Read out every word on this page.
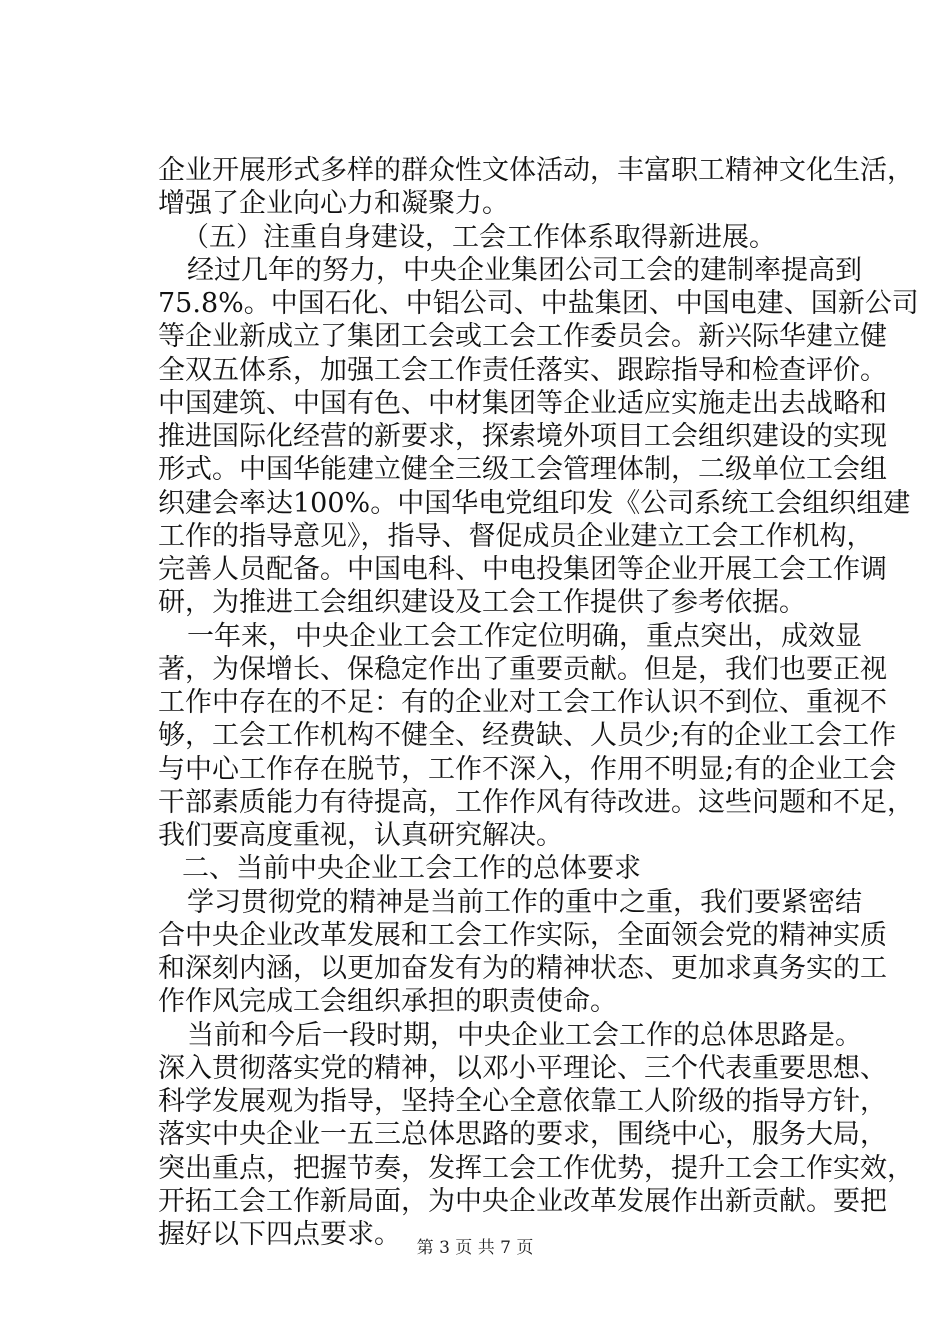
企业开展形式多样的群众性文体活动，丰富职工精神文化生活，
增强了企业向心力和凝聚力。
（五）注重自身建设，工会工作体系取得新进展。
经过几年的努力，中央企业集团公司工会的建制率提高到
75.8%。中国石化、中铝公司、中盐集团、中国电建、国新公司
等企业新成立了集团工会或工会工作委员会。新兴际华建立健
全双五体系，加强工会工作责任落实、跟踪指导和检查评价。
中国建筑、中国有色、中材集团等企业适应实施走出去战略和
推进国际化经营的新要求，探索境外项目工会组织建设的实现
形式。中国华能建立健全三级工会管理体制，二级单位工会组
织建会率达100%。中国华电党组印发《公司系统工会组织组建
工作的指导意见》，指导、督促成员企业建立工会工作机构，
完善人员配备。中国电科、中电投集团等企业开展工会工作调
研，为推进工会组织建设及工会工作提供了参考依据。
一年来，中央企业工会工作定位明确，重点突出，成效显
著，为保增长、保稳定作出了重要贡献。但是，我们也要正视
工作中存在的不足：有的企业对工会工作认识不到位、重视不
够，工会工作机构不健全、经费缺、人员少;有的企业工会工作
与中心工作存在脱节，工作不深入，作用不明显;有的企业工会
干部素质能力有待提高，工作作风有待改进。这些问题和不足，
我们要高度重视，认真研究解决。
二、当前中央企业工会工作的总体要求
学习贯彻党的精神是当前工作的重中之重，我们要紧密结
合中央企业改革发展和工会工作实际，全面领会党的精神实质
和深刻内涵，以更加奋发有为的精神状态、更加求真务实的工
作作风完成工会组织承担的职责使命。
当前和今后一段时期，中央企业工会工作的总体思路是。
深入贯彻落实党的精神，以邓小平理论、三个代表重要思想、
科学发展观为指导，坚持全心全意依靠工人阶级的指导方针，
落实中央企业一五三总体思路的要求，围绕中心，服务大局，
突出重点，把握节奏，发挥工会工作优势，提升工会工作实效，
开拓工会工作新局面，为中央企业改革发展作出新贡献。要把
握好以下四点要求。 第 3 页 共 7 页
